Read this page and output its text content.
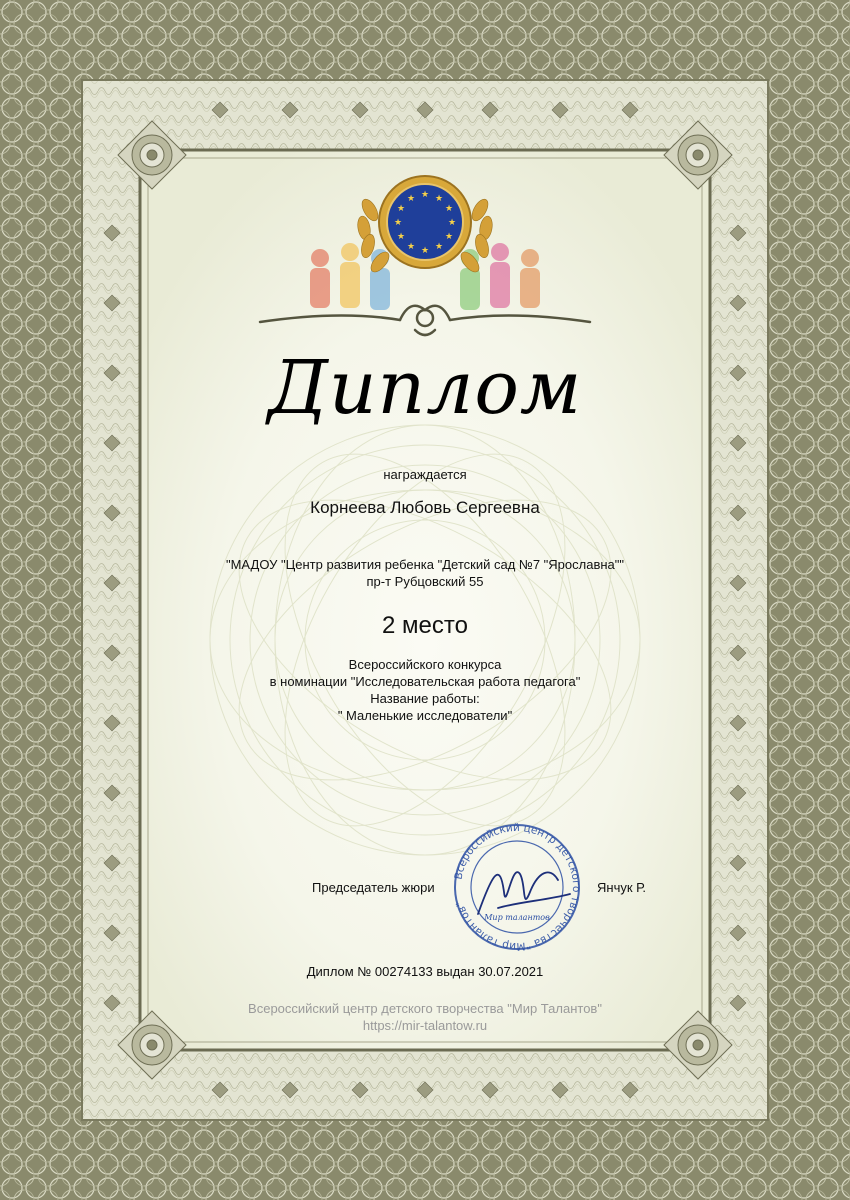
★ ★
★
★
★
★
★
★
★
★
★
★
Диплом
награждается
Корнеева Любовь Сергеевна
"МАДОУ "Центр развития ребенка "Детский сад №7 "Ярославна""
пр-т Рубцовский 55
2 место
Всероссийского конкурса
в номинации "Исследовательская работа педагога"
Название работы:
" Маленькие исследователи"
Председатель жюри	Янчук Р.
Всероссийский центр детского творчества "Мир талантов"
Мир талантов
Диплом № 00274133 выдан 30.07.2021
Всероссийский центр детского творчества "Мир Талантов"
https://mir-talantow.ru
